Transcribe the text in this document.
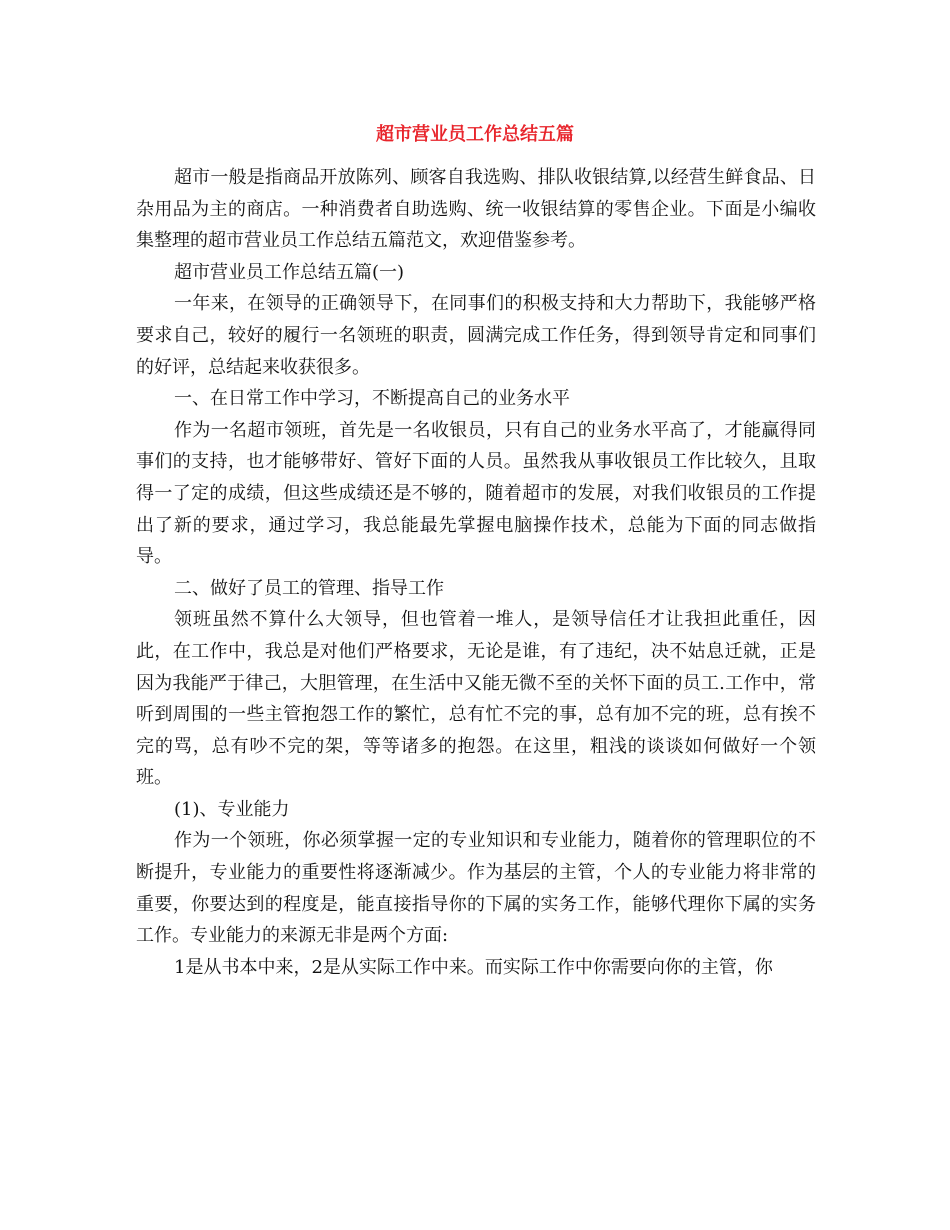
超市营业员工作总结五篇

超市一般是指商品开放陈列、顾客自我选购、排队收银结算,以经营生鲜食品、日杂用品为主的商店。一种消费者自助选购、统一收银结算的零售企业。下面是小编收集整理的超市营业员工作总结五篇范文，欢迎借鉴参考。

超市营业员工作总结五篇(一)

一年来，在领导的正确领导下，在同事们的积极支持和大力帮助下，我能够严格要求自己，较好的履行一名领班的职责，圆满完成工作任务，得到领导肯定和同事们的好评，总结起来收获很多。

一、在日常工作中学习，不断提高自己的业务水平

作为一名超市领班，首先是一名收银员，只有自己的业务水平高了，才能赢得同事们的支持，也才能够带好、管好下面的人员。虽然我从事收银员工作比较久，且取得一了定的成绩，但这些成绩还是不够的，随着超市的发展，对我们收银员的工作提出了新的要求，通过学习，我总能最先掌握电脑操作技术，总能为下面的同志做指导。

二、做好了员工的管理、指导工作

领班虽然不算什么大领导，但也管着一堆人，是领导信任才让我担此重任，因此，在工作中，我总是对他们严格要求，无论是谁，有了违纪，决不姑息迁就，正是因为我能严于律己，大胆管理，在生活中又能无微不至的关怀下面的员工.工作中，常听到周围的一些主管抱怨工作的繁忙，总有忙不完的事，总有加不完的班，总有挨不完的骂，总有吵不完的架，等等诸多的抱怨。在这里，粗浅的谈谈如何做好一个领班。

(1)、专业能力

作为一个领班，你必须掌握一定的专业知识和专业能力，随着你的管理职位的不断提升，专业能力的重要性将逐渐减少。作为基层的主管，个人的专业能力将非常的重要，你要达到的程度是，能直接指导你的下属的实务工作，能够代理你下属的实务工作。专业能力的来源无非是两个方面:

1是从书本中来，2是从实际工作中来。而实际工作中你需要向你的主管，你
